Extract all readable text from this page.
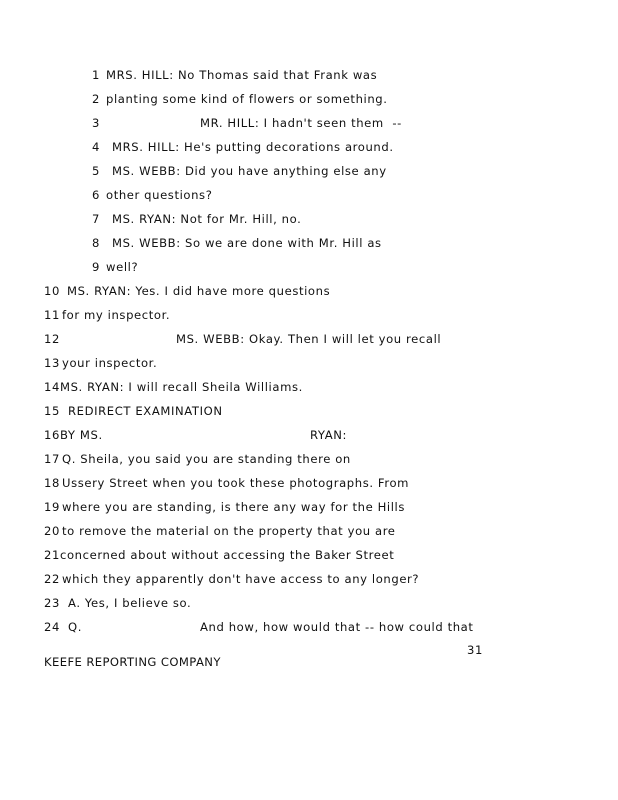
1

MRS. HILL: No Thomas said that Frank was

2

planting some kind of flowers or something.

3

	MR. HILL: I hadn't seen them  --

4

MRS. HILL: He's putting decorations around.

5

MS. WEBB: Did you have anything else any

6

other questions?

7

MS. RYAN: Not for Mr. Hill, no.

8

MS. WEBB: So we are done with Mr. Hill as

9

well?

10

MS. RYAN: Yes. I did have more questions

11

for my inspector.

12

	MS. WEBB: Okay. Then I will let you recall

13

your inspector.

14

MS. RYAN: I will recall Sheila Williams.

15

REDIRECT EXAMINATION

16

BY MS.

	RYAN:

17

Q. Sheila, you said you are standing there on

18

Ussery Street when you took these photographs. From

19

where you are standing, is there any way for the Hills

20

to remove the material on the property that you are

21

concerned about without accessing the Baker Street

22

which they apparently don't have access to any longer?

23

A. Yes, I believe so.

24

Q.

	And how, how would that -- how could that
31
KEEFE REPORTING COMPANY
